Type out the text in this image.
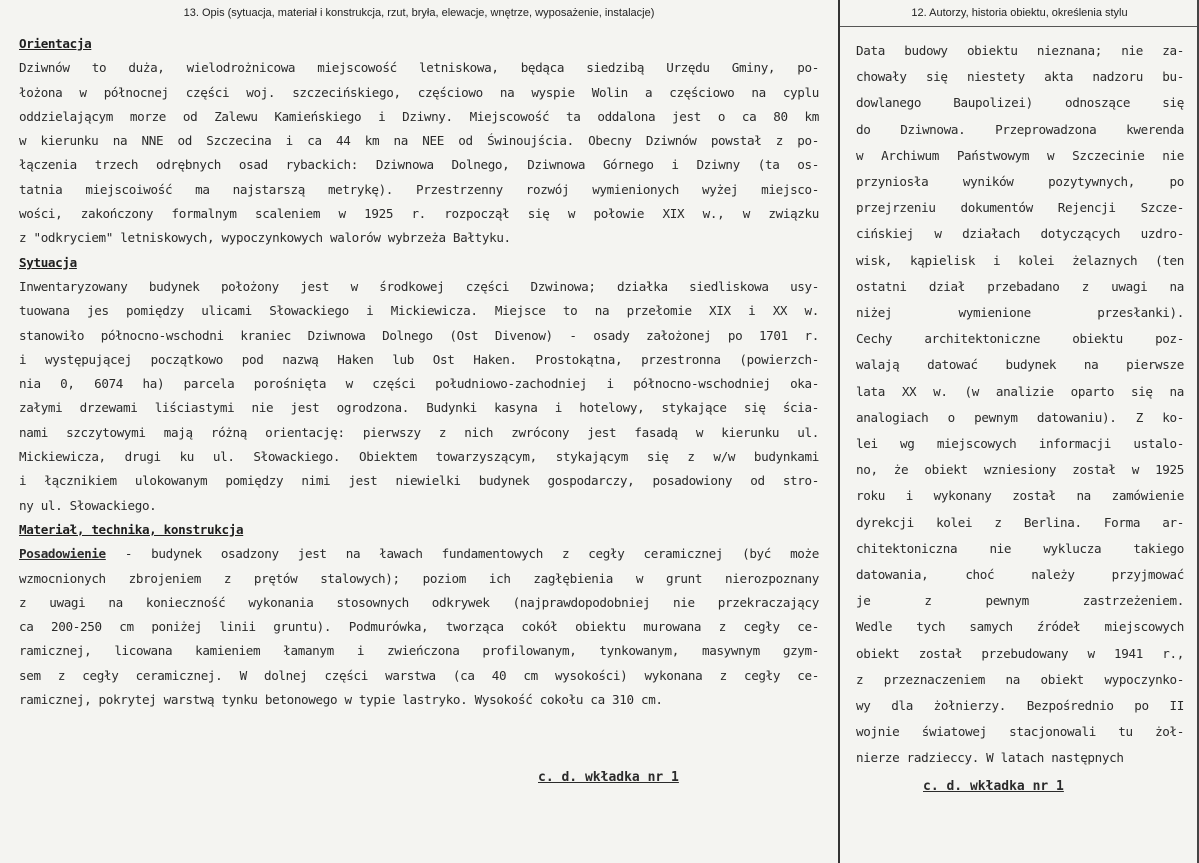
13. Opis (sytuacja, materiał i konstrukcja, rzut, bryła, elewacje, wnętrze, wyposażenie, instalacje)
Orientacja
Dziwnów to duża, wielodrożnicowa miejscowość letniskowa, będąca siedzibą Urzędu Gminy, po-
łożona w północnej części woj. szczecińskiego, częściowo na wyspie Wolin a częściowo na cyplu
oddzielającym morze od Zalewu Kamieńskiego i Dziwny. Miejscowość ta oddalona jest o ca 80 km
w kierunku na NNE od Szczecina i ca 44 km na NEE od Świnoujścia. Obecny Dziwnów powstał z po-
łączenia trzech odrębnych osad rybackich: Dziwnowa Dolnego, Dziwnowa Górnego i Dziwny (ta os-
tatnia miejscoiwość ma najstarszą metrykę). Przestrzenny rozwój wymienionych wyżej miejsco-
wości, zakończony formalnym scaleniem w 1925 r. rozpoczął się w połowie XIX w., w związku
z "odkryciem" letniskowych, wypoczynkowych walorów wybrzeża Bałtyku.
Sytuacja
Inwentaryzowany budynek położony jest w środkowej części Dzwinowa; działka siedliskowa usy-
tuowana jes pomiędzy ulicami Słowackiego i Mickiewicza. Miejsce to na przełomie XIX i XX w.
stanowiło północno-wschodni kraniec Dziwnowa Dolnego (Ost Divenow) - osady założonej po 1701 r.
i występującej początkowo pod nazwą Haken lub Ost Haken. Prostokątna, przestronna (powierzch-
nia 0, 6074 ha) parcela porośnięta w części południowo-zachodniej i północno-wschodniej oka-
załymi drzewami liściastymi nie jest ogrodzona. Budynki kasyna i hotelowy, stykające się ścia-
nami szczytowymi mają różną orientację: pierwszy z nich zwrócony jest fasadą w kierunku ul.
Mickiewicza, drugi ku ul. Słowackiego. Obiektem towarzyszącym, stykającym się z w/w budynkami
i łącznikiem ulokowanym pomiędzy nimi jest niewielki budynek gospodarczy, posadowiony od stro-
ny ul. Słowackiego.
Materiał, technika, konstrukcja
Posadowienie - budynek osadzony jest na ławach fundamentowych z cegły ceramicznej (być może
wzmocnionych zbrojeniem z prętów stalowych); poziom ich zagłębienia w grunt nierozpoznany
z uwagi na konieczność wykonania stosownych odkrywek (najprawdopodobniej nie przekraczający
ca 200-250 cm poniżej linii gruntu). Podmurówka, tworząca cokół obiektu murowana z cegły ce-
ramicznej, licowana kamieniem łamanym i zwieńczona profilowanym, tynkowanym, masywnym gzym-
sem z cegły ceramicznej. W dolnej części warstwa (ca 40 cm wysokości) wykonana z cegły ce-
ramicznej, pokrytej warstwą tynku betonowego w typie lastryko. Wysokość cokołu ca 310 cm.
c. d. wkładka nr 1
12. Autorzy, historia obiektu, określenia stylu
Data budowy obiektu nieznana; nie za-
chowały się niestety akta nadzoru bu-
dowlanego Baupolizei) odnoszące się
do Dziwnowa. Przeprowadzona kwerenda
w Archiwum Państwowym w Szczecinie nie
przyniosła wyników pozytywnych, po
przejrzeniu dokumentów Rejencji Szcze-
cińskiej w działach dotyczących uzdro-
wisk, kąpielisk i kolei żelaznych (ten
ostatni dział przebadano z uwagi na
niżej wymienione przesłanki).
Cechy architektoniczne obiektu poz-
walają datować budynek na pierwsze
lata XX w. (w analizie oparto się na
analogiach o pewnym datowaniu). Z ko-
lei wg miejscowych informacji ustalo-
no, że obiekt wzniesiony został w 1925
roku i wykonany został na zamówienie
dyrekcji kolei z Berlina. Forma ar-
chitektoniczna nie wyklucza takiego
datowania, choć należy przyjmować
je z pewnym zastrzeżeniem.
Wedle tych samych źródeł miejscowych
obiekt został przebudowany w 1941 r.,
z przeznaczeniem na obiekt wypoczynko-
wy dla żołnierzy. Bezpośrednio po II
wojnie światowej stacjonowali tu żoł-
nierze radzieccy. W latach następnych
c. d. wkładka nr 1
